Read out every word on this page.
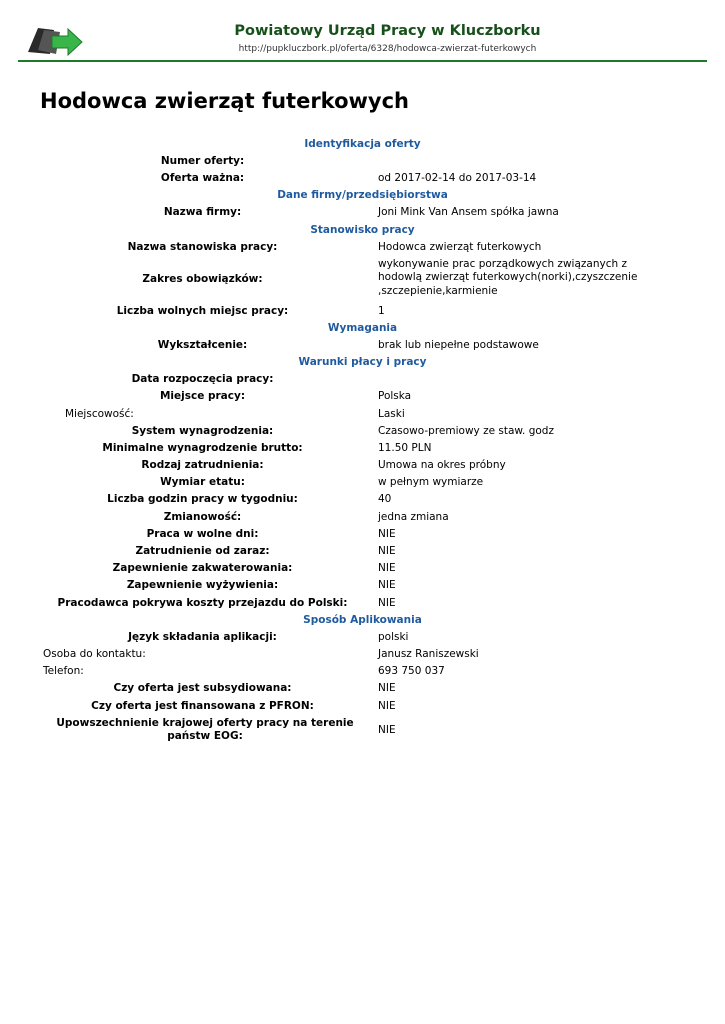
Powiatowy Urząd Pracy w Kluczborku
http://pupkluczbork.pl/oferta/6328/hodowca-zwierzat-futerkowych
Hodowca zwierząt futerkowych
Identyfikacja oferty
Numer oferty:
Oferta ważna:	od 2017-02-14 do 2017-03-14
Dane firmy/przedsiębiorstwa
Nazwa firmy:	Joni Mink Van Ansem spółka jawna
Stanowisko pracy
Nazwa stanowiska pracy:	Hodowca zwierząt futerkowych
Zakres obowiązków:
wykonywanie prac porządkowych związanych z hodowlą zwierząt futerkowych(norki),czyszczenie ,szczepienie,karmienie
Liczba wolnych miejsc pracy:	1
Wymagania
Wykształcenie:	brak lub niepełne podstawowe
Warunki płacy i pracy
Data rozpoczęcia pracy:
Miejsce pracy:	Polska
Miejscowość:	Laski
System wynagrodzenia:	Czasowo-premiowy ze staw. godz
Minimalne wynagrodzenie brutto:	11.50 PLN
Rodzaj zatrudnienia:	Umowa na okres próbny
Wymiar etatu:	w pełnym wymiarze
Liczba godzin pracy w tygodniu:	40
Zmianowość:	jedna zmiana
Praca w wolne dni:	NIE
Zatrudnienie od zaraz:	NIE
Zapewnienie zakwaterowania:	NIE
Zapewnienie wyżywienia:	NIE
Pracodawca pokrywa koszty przejazdu do Polski:	NIE
Sposób Aplikowania
Język składania aplikacji:	polski
Osoba do kontaktu:	Janusz Raniszewski
Telefon:	693 750 037
Czy oferta jest subsydiowana:	NIE
Czy oferta jest finansowana z PFRON:	NIE
Upowszechnienie krajowej oferty pracy na terenie państw EOG:	NIE
